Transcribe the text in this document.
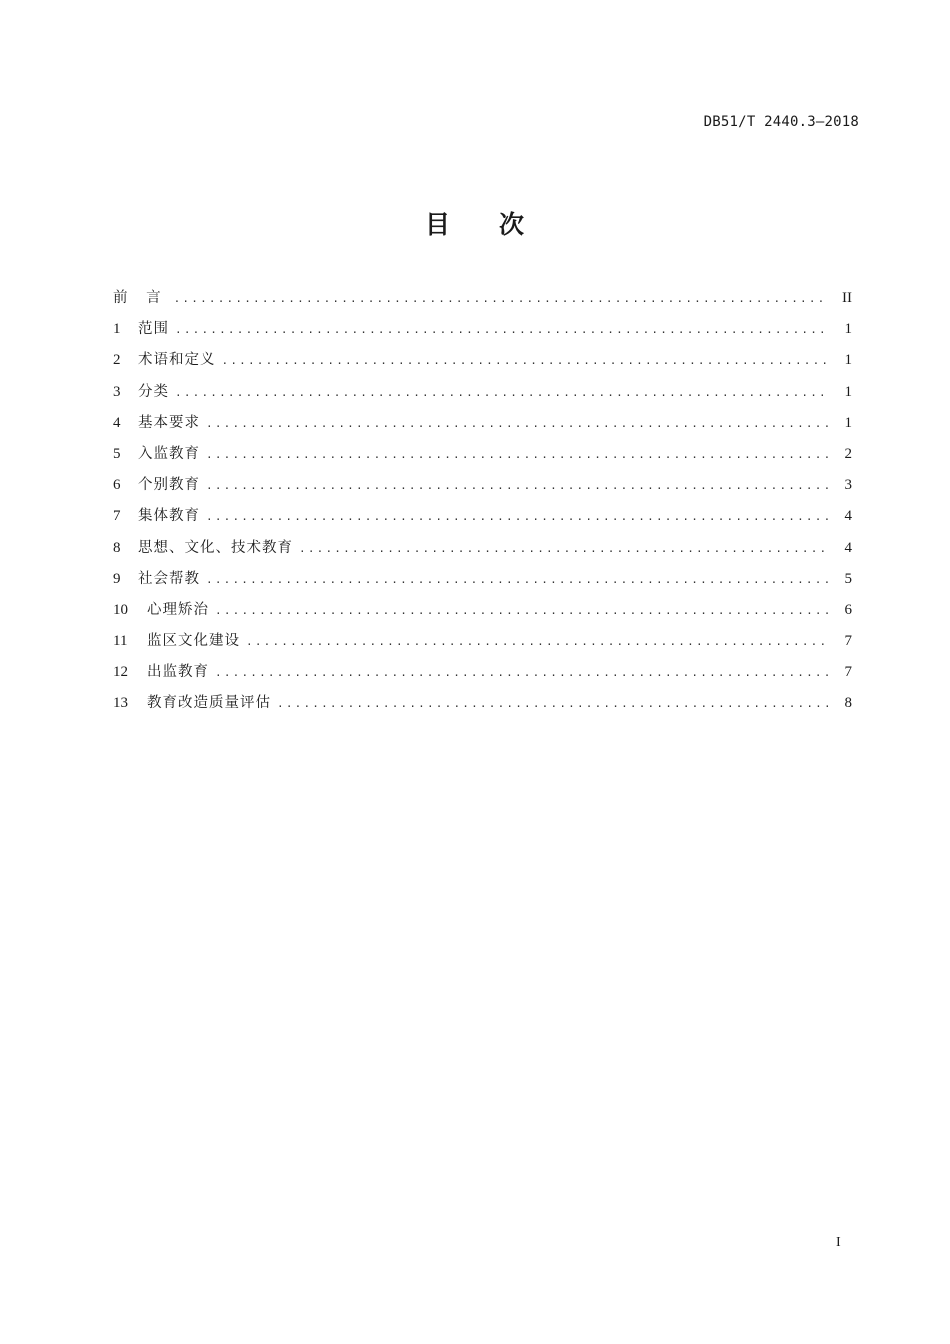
DB51/T 2440.3—2018
目 次
前 言 .....	II
1	范围 .....	1
2	术语和定义 .....	1
3	分类 .....	1
4	基本要求 .....	1
5	入监教育 .....	2
6	个别教育 .....	3
7	集体教育 .....	4
8	思想、文化、技术教育 .....	4
9	社会帮教 .....	5
10	心理矫治 .....	6
11	监区文化建设 .....	7
12	出监教育 .....	7
13	教育改造质量评估 .....	8
I
